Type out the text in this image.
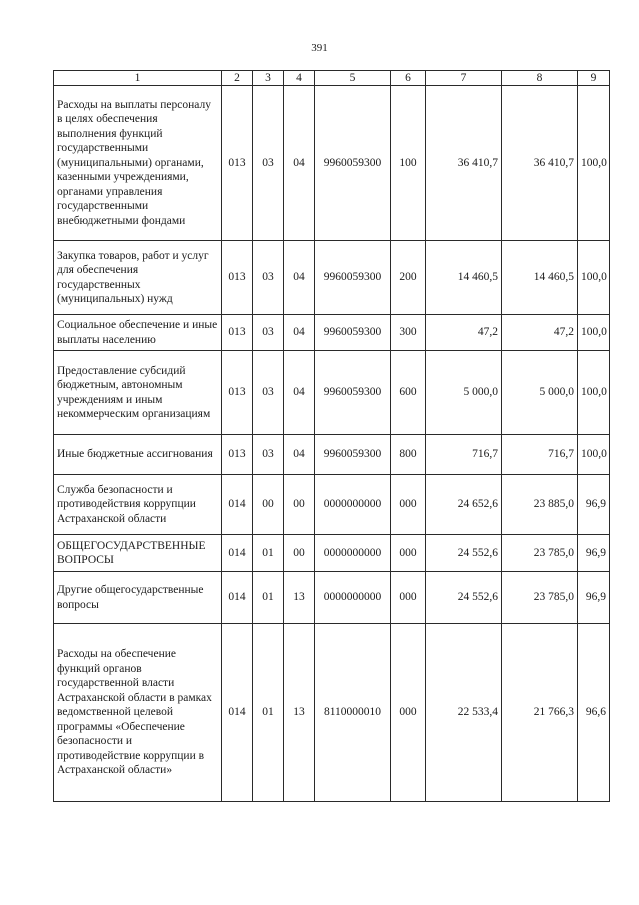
391
1	2	3	4	5	6	7	8	9
Расходы на выплаты персоналу в целях обеспечения выполнения функций государственными (муниципальными) органами, казенными учреждениями, органами управления государственными внебюджетными фондами	013	03	04	9960059300	100	36 410,7	36 410,7	100,0
Закупка товаров, работ и услуг для обеспечения государственных (муниципальных) нужд	013	03	04	9960059300	200	14 460,5	14 460,5	100,0
Социальное обеспечение и иные выплаты населению	013	03	04	9960059300	300	47,2	47,2	100,0
Предоставление субсидий бюджетным, автономным учреждениям и иным некоммерческим организациям	013	03	04	9960059300	600	5 000,0	5 000,0	100,0
Иные бюджетные ассигнования	013	03	04	9960059300	800	716,7	716,7	100,0
Служба безопасности и противодействия коррупции Астраханской области	014	00	00	0000000000	000	24 652,6	23 885,0	96,9
ОБЩЕГОСУДАРСТВЕННЫЕ ВОПРОСЫ	014	01	00	0000000000	000	24 552,6	23 785,0	96,9
Другие общегосударственные вопросы	014	01	13	0000000000	000	24 552,6	23 785,0	96,9
Расходы на обеспечение функций органов государственной власти Астраханской области в рамках ведомственной целевой программы «Обеспечение безопасности и противодействие коррупции в Астраханской области»	014	01	13	8110000010	000	22 533,4	21 766,3	96,6
